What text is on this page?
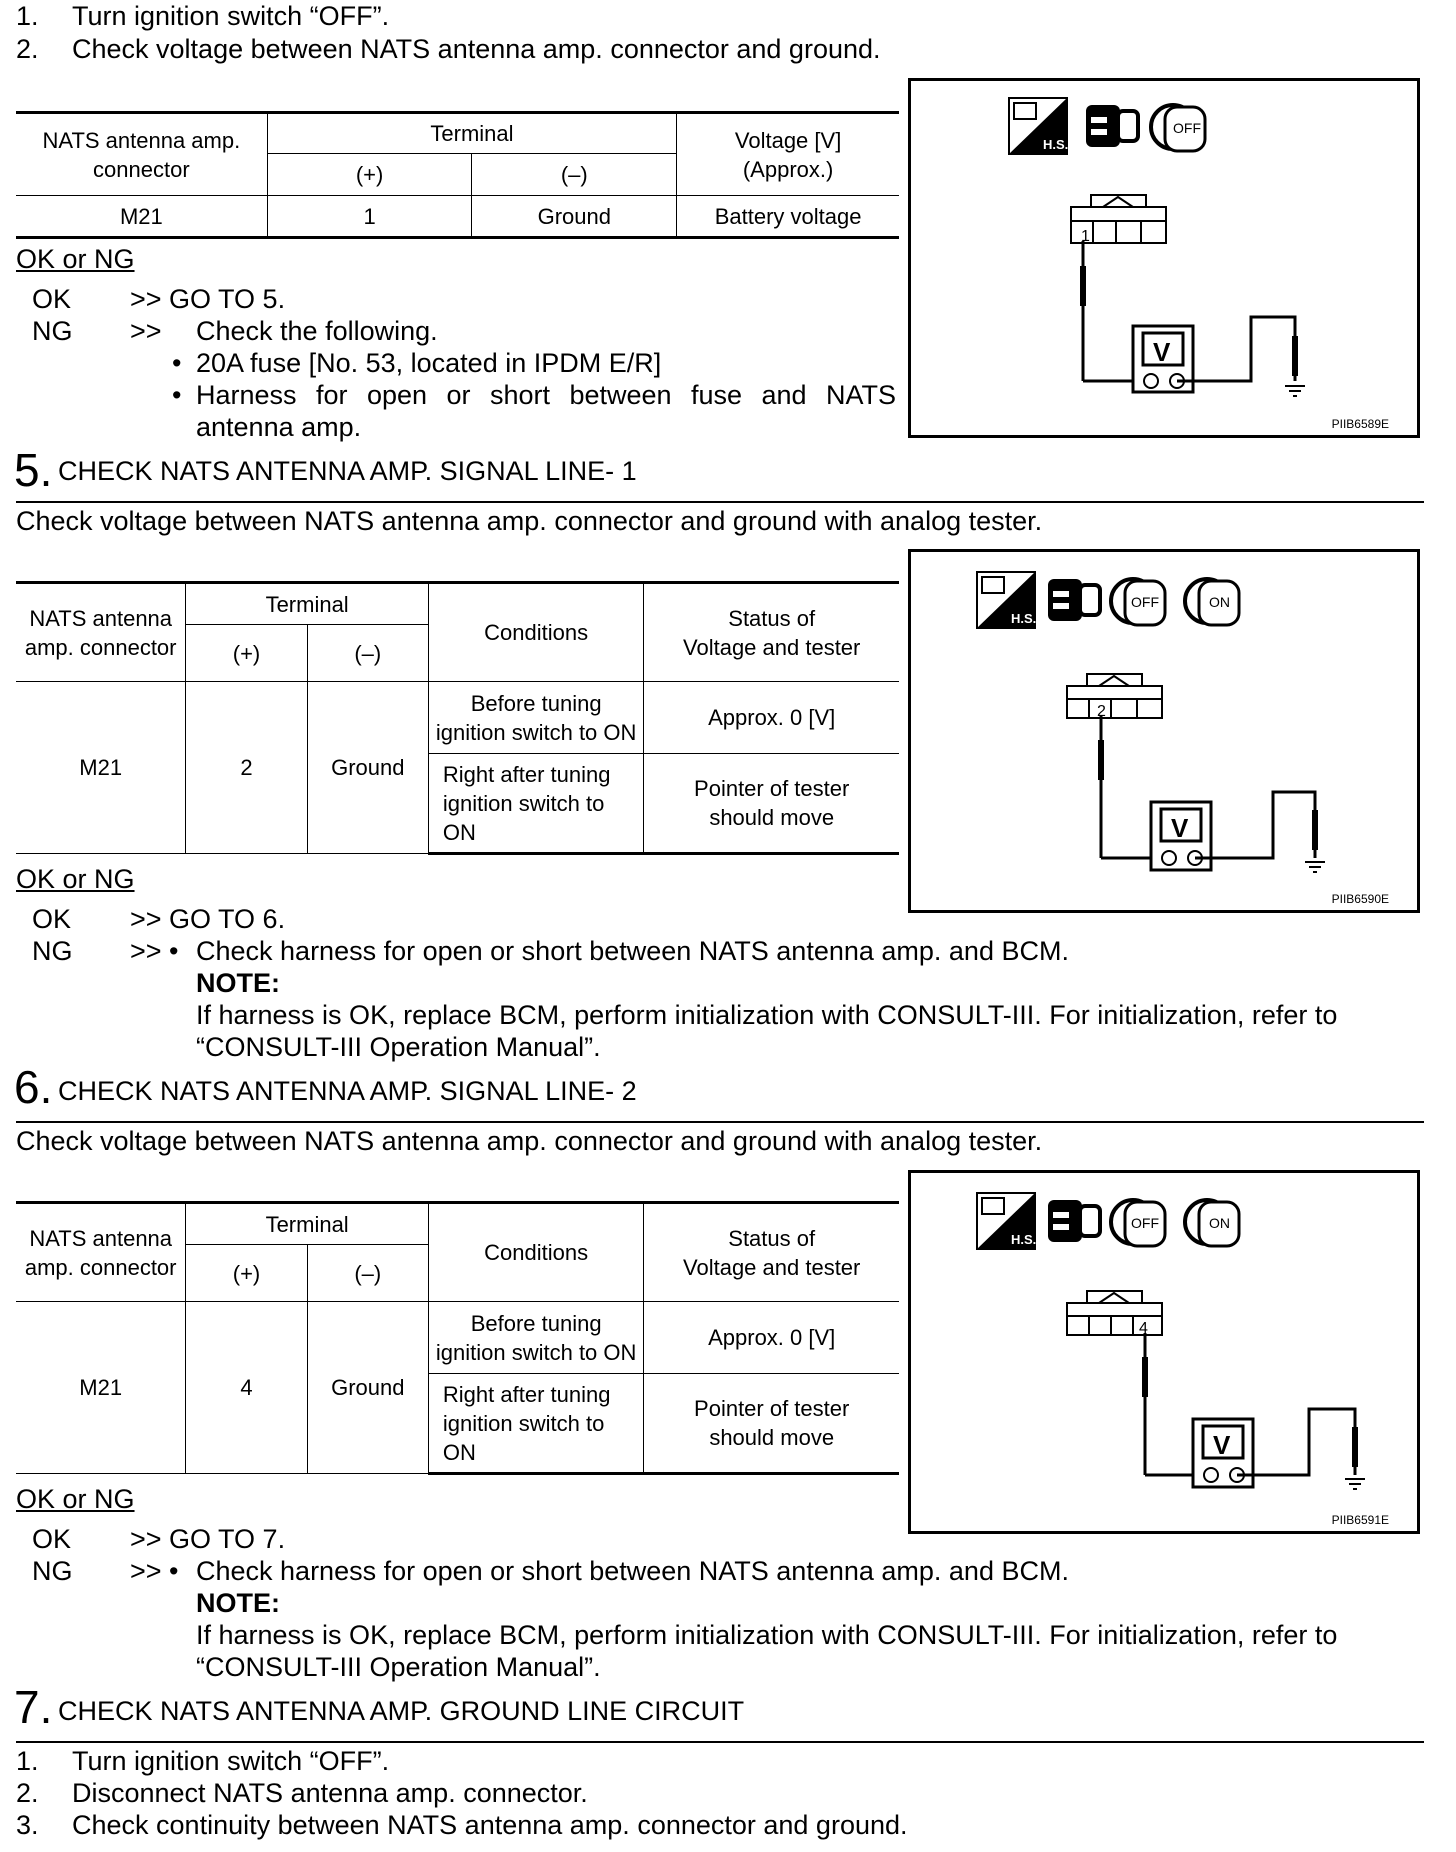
1. Turn ignition switch “OFF”.
2. Check voltage between NATS antenna amp. connector and ground.
NATS antenna amp. connector	Terminal		Voltage [V]
(Approx.)

	(+)	(–)	
M21	1	Ground	Battery voltage
OK or NG
OK >> GO TO 5.
NG >> Check the following.
• 20A fuse [No. 53, located in IPDM E/R]
• Harness for open or short between fuse and NATS antenna amp.
H.S.
OFF
1
V
PIIB6589E
5. CHECK NATS ANTENNA AMP. SIGNAL LINE- 1
Check voltage between NATS antenna amp. connector and ground with analog tester.
NATS antenna amp. connector	Terminal		Conditions	Status of
Voltage and tester

	(+)	(–)		
M21	2	Ground	Before tuning ignition switch to ON	Approx. 0 [V]
			Right after tuning ignition switch to ON	Pointer of tester should move
OK or NG
OK >> GO TO 6.
NG >> • Check harness for open or short between NATS antenna amp. and BCM.
NOTE:
If harness is OK, replace BCM, perform initialization with CONSULT-III. For initialization, refer to
“CONSULT-III Operation Manual”.
H.S.
OFF	ON
2
V
PIIB6590E
6. CHECK NATS ANTENNA AMP. SIGNAL LINE- 2
Check voltage between NATS antenna amp. connector and ground with analog tester.
NATS antenna amp. connector	Terminal		Conditions	Status of
Voltage and tester

	(+)	(–)		
M21	4	Ground	Before tuning ignition switch to ON	Approx. 0 [V]
			Right after tuning ignition switch to ON	Pointer of tester should move
OK or NG
OK >> GO TO 7.
NG >> • Check harness for open or short between NATS antenna amp. and BCM.
NOTE:
If harness is OK, replace BCM, perform initialization with CONSULT-III. For initialization, refer to
“CONSULT-III Operation Manual”.
H.S.
OFF	ON
4
V
PIIB6591E
7. CHECK NATS ANTENNA AMP. GROUND LINE CIRCUIT
1. Turn ignition switch “OFF”.
2. Disconnect NATS antenna amp. connector.
3. Check continuity between NATS antenna amp. connector and ground.
